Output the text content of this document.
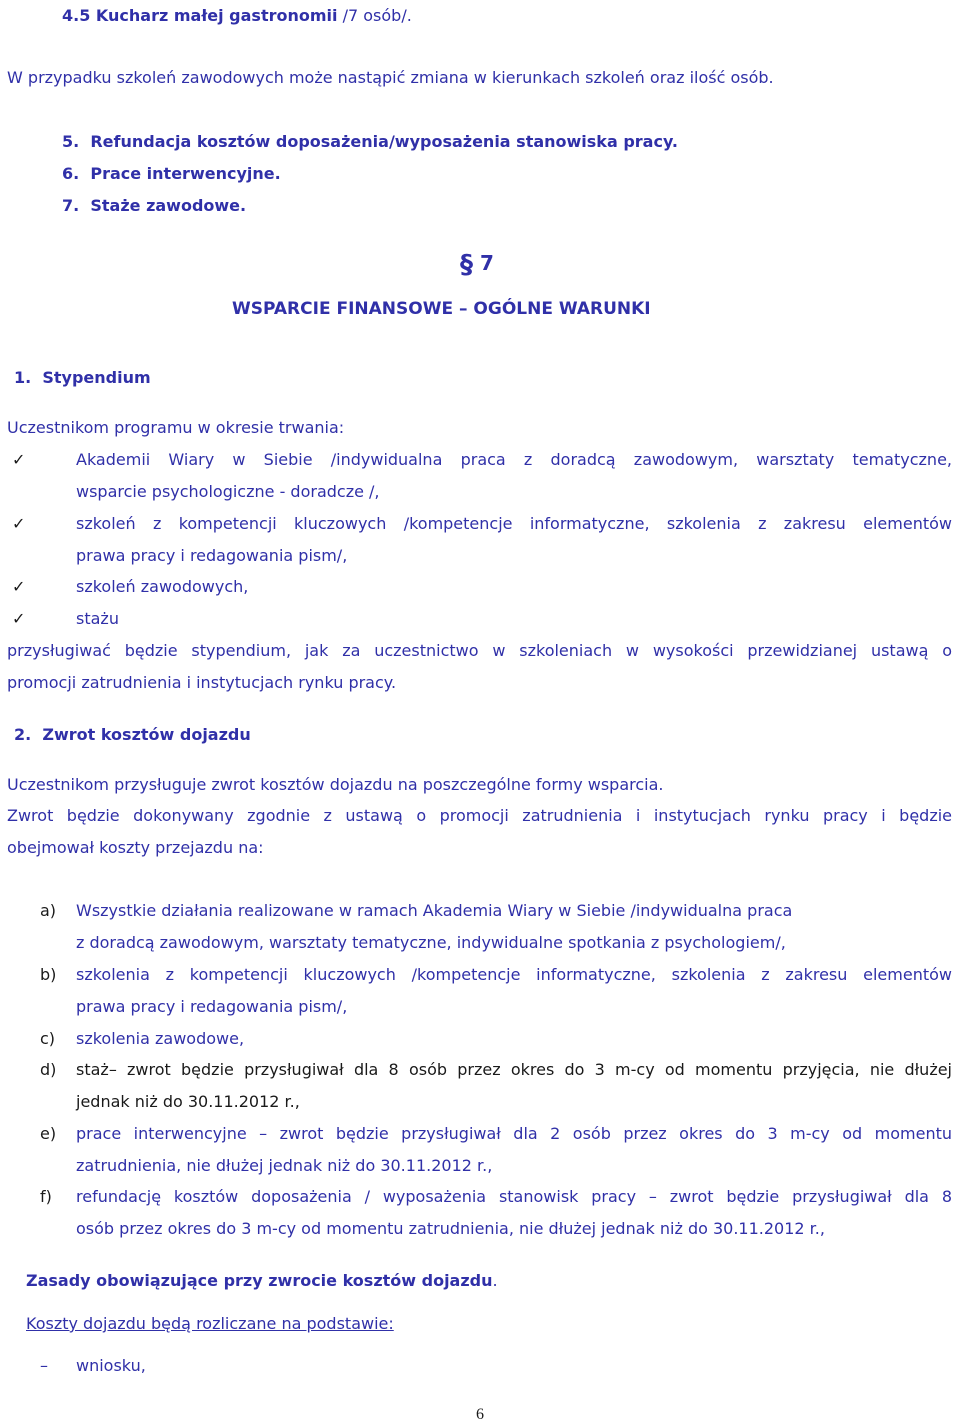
4.5 Kucharz małej gastronomii /7 osób/.
W przypadku szkoleń zawodowych może nastąpić zmiana w kierunkach szkoleń oraz ilość osób.
5. Refundacja kosztów doposażenia/wyposażenia stanowiska pracy.
6. Prace interwencyjne.
7. Staże zawodowe.
§ 7
WSPARCIE FINANSOWE – OGÓLNE WARUNKI
1. Stypendium
Uczestnikom programu w okresie trwania:
✓	Akademii Wiary w Siebie /indywidualna praca z doradcą zawodowym, warsztaty tematyczne,
wsparcie psychologiczne - doradcze /,
✓	szkoleń z kompetencji kluczowych /kompetencje informatyczne, szkolenia z zakresu elementów
prawa pracy i redagowania pism/,
✓	szkoleń zawodowych,
✓	stażu
przysługiwać będzie stypendium, jak za uczestnictwo w szkoleniach w wysokości przewidzianej ustawą o
promocji zatrudnienia i instytucjach rynku pracy.
2. Zwrot kosztów dojazdu
Uczestnikom przysługuje zwrot kosztów dojazdu na poszczególne formy wsparcia.
Zwrot będzie dokonywany zgodnie z ustawą o promocji zatrudnienia i instytucjach rynku pracy i będzie
obejmował koszty przejazdu na:
a) Wszystkie działania realizowane w ramach Akademia Wiary w Siebie /indywidualna praca
z doradcą zawodowym, warsztaty tematyczne, indywidualne spotkania z psychologiem/,
b) szkolenia z kompetencji kluczowych /kompetencje informatyczne, szkolenia z zakresu elementów
prawa pracy i redagowania pism/,
c) szkolenia zawodowe,
d) staż– zwrot będzie przysługiwał dla 8 osób przez okres do 3 m-cy od momentu przyjęcia, nie dłużej
jednak niż do 30.11.2012 r.,
e) prace interwencyjne – zwrot będzie przysługiwał dla 2 osób przez okres do 3 m-cy od momentu
zatrudnienia, nie dłużej jednak niż do 30.11.2012 r.,
f) refundację kosztów doposażenia / wyposażenia stanowisk pracy – zwrot będzie przysługiwał dla 8
osób przez okres do 3 m-cy od momentu zatrudnienia, nie dłużej jednak niż do 30.11.2012 r.,
Zasady obowiązujące przy zwrocie kosztów dojazdu.
Koszty dojazdu będą rozliczane na podstawie:
– wniosku,
6
